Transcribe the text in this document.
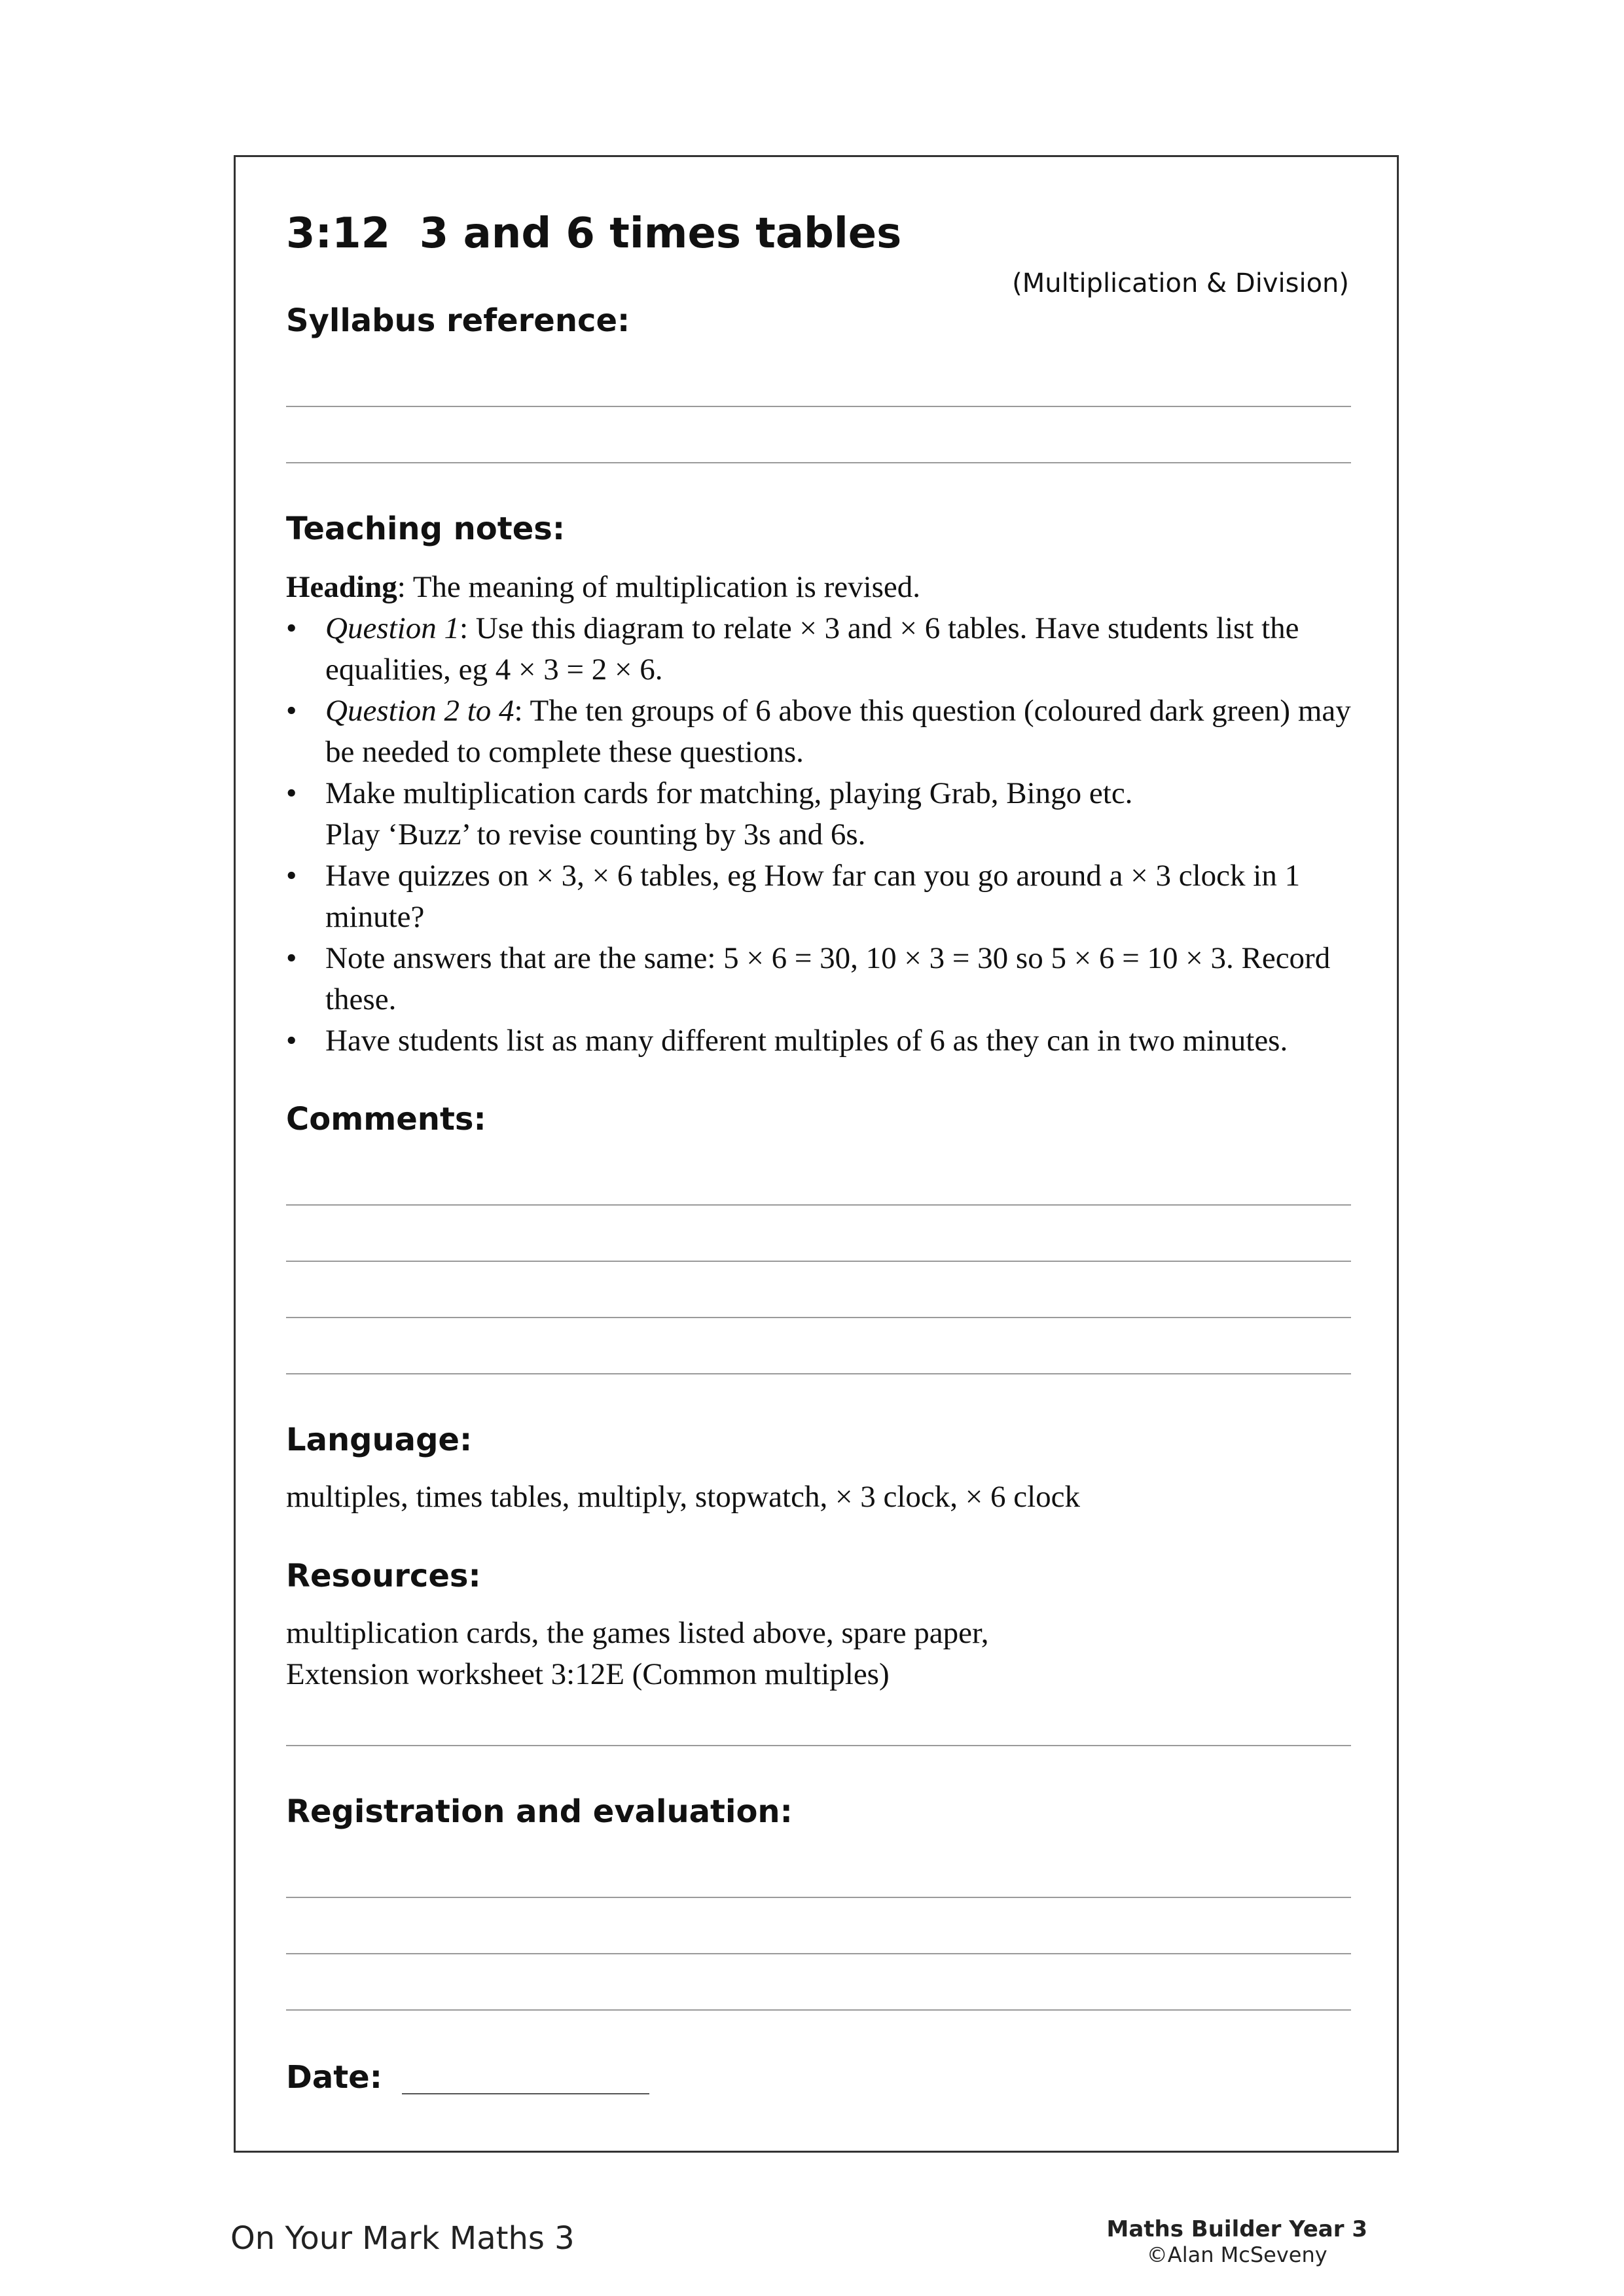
3:12 3 and 6 times tables

(Multiplication & Division)

Syllabus reference:
Teaching notes:
Heading: The meaning of multiplication is revised.
• Question 1: Use this diagram to relate × 3 and × 6 tables. Have students list the equalities, eg 4 × 3 = 2 × 6.
• Question 2 to 4: The ten groups of 6 above this question (coloured dark green) may be needed to complete these questions.
• Make multiplication cards for matching, playing Grab, Bingo etc.
Play ‘Buzz’ to revise counting by 3s and 6s.
• Have quizzes on × 3, × 6 tables, eg How far can you go around a × 3 clock in 1 minute?
• Note answers that are the same: 5 × 6 = 30, 10 × 3 = 30 so 5 × 6 = 10 × 3. Record these.
• Have students list as many different multiples of 6 as they can in two minutes.
Comments:
Language:

multiples, times tables, multiply, stopwatch, × 3 clock, × 6 clock

Resources:

multiplication cards, the games listed above, spare paper,
Extension worksheet 3:12E (Common multiples)

Registration and evaluation:
Date:

On Your Mark Maths 3	Maths Builder Year 3
©Alan McSeveny
